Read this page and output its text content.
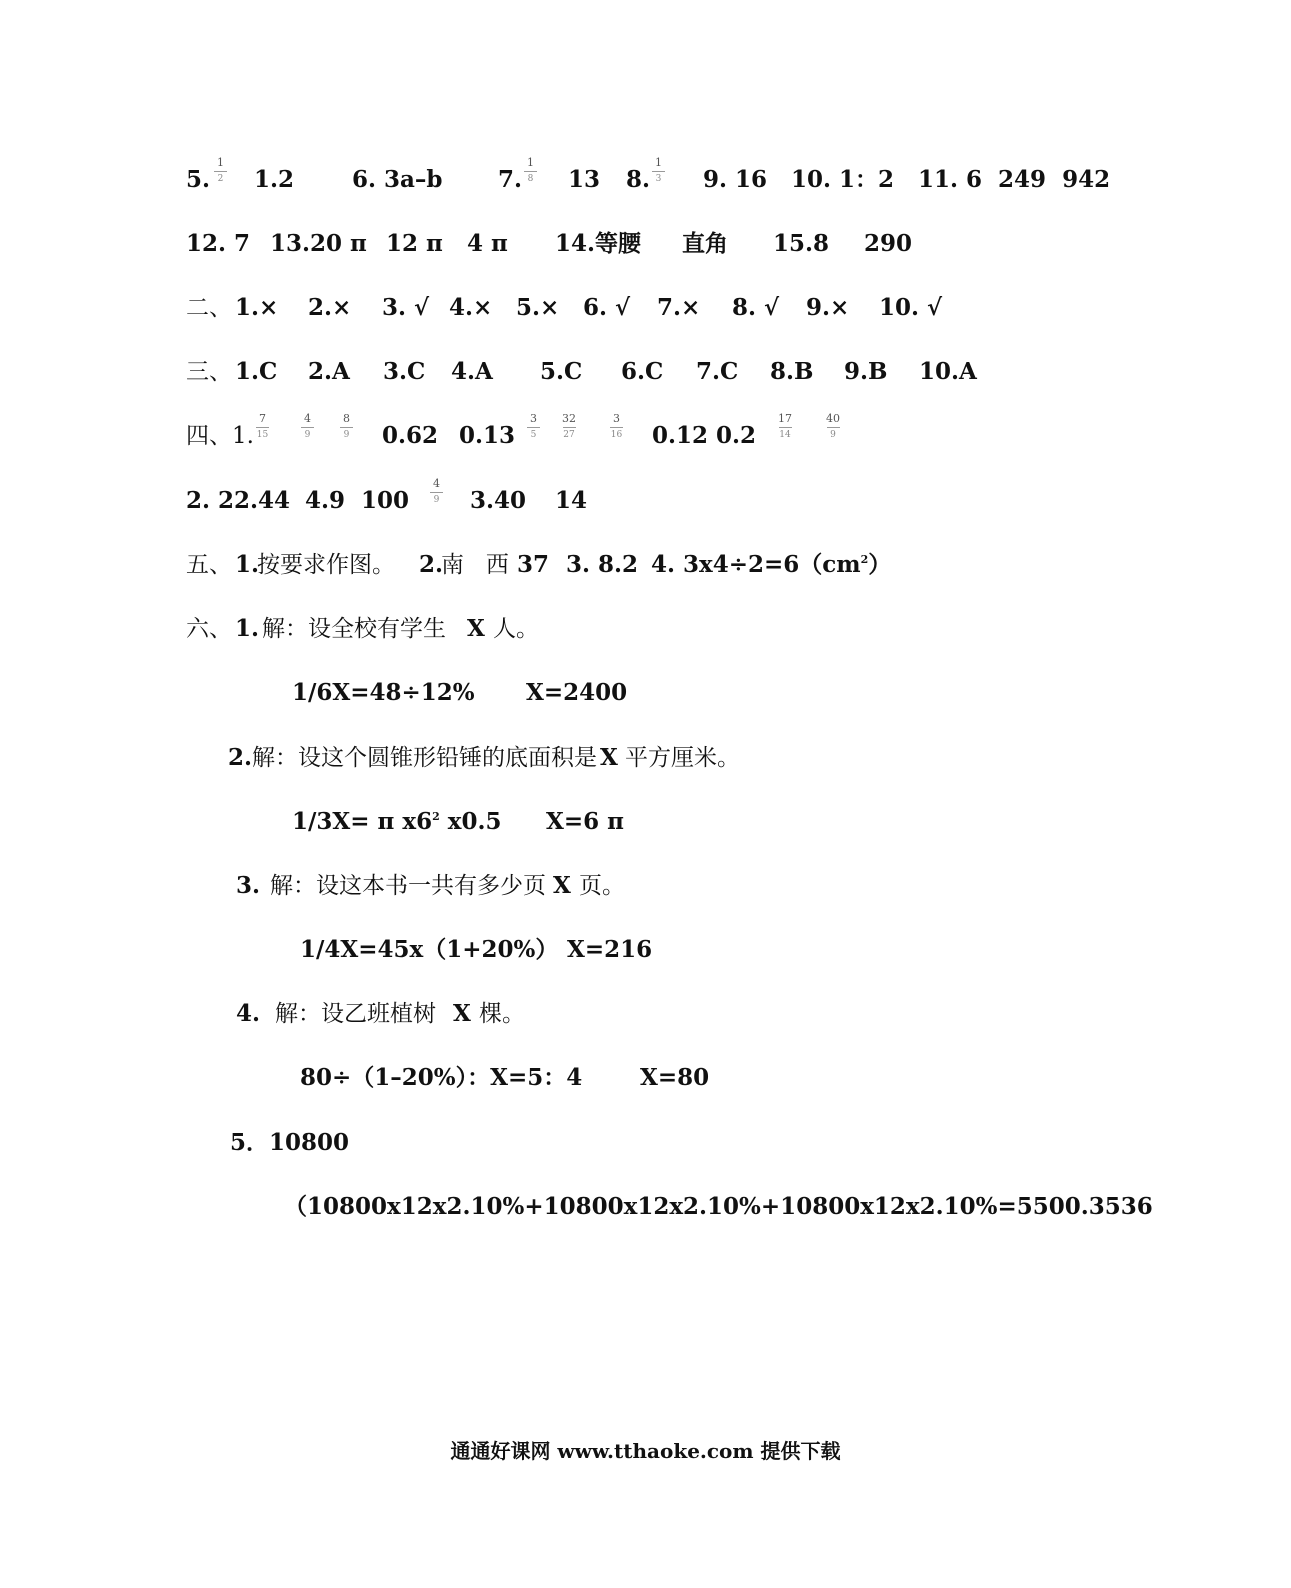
5.

1
2

1.2

	6. 3a–b

7.

1
8

13

8.

1
3

9. 16

10. 1：2

11. 6  249  942

12. 7

13.20 π

12 π

4 π

14.等腰

直角

15.8

290

二、

1.×

2.×

3. √

4.×

5.×

6. √

7.×

8. √

9.×

10. √

三、

1.C

2.A

3.C

4.A

5.C

6.C

7.C

8.B

9.B

10.A

四、1.

7
15

4
9

8
9

0.62

0.13

3
5

32
27

3
16

0.12

0.2

17
14

40
9

2. 22.44

4.9

100

4
9

3.40

14

五、

1.

按要求作图。

2.

南   西

37

3. 8.2

4. $3x4\div 2=6(cm^2)$

六、

1.

解：设全校有学生

X

人。

1/6X=48÷12%

X=2400

2.

解：设这个圆锥形铅锤的底面积是

X

平方厘米。

1/3X= π $x6^2$ x0.5

X=6 π

3.

解：设这本书一共有多少页

X

页。

1/4X=45x（1+20%）

X=216

4.

解：设乙班植树

X

棵。

80÷（1–20%）：X=5：4

	X=80

5．10800

（10800x12x2.10%+10800x12x2.10%+10800x12x2.10%=5500.3536

通通好课网 www.tthaoke.com 提供下载
